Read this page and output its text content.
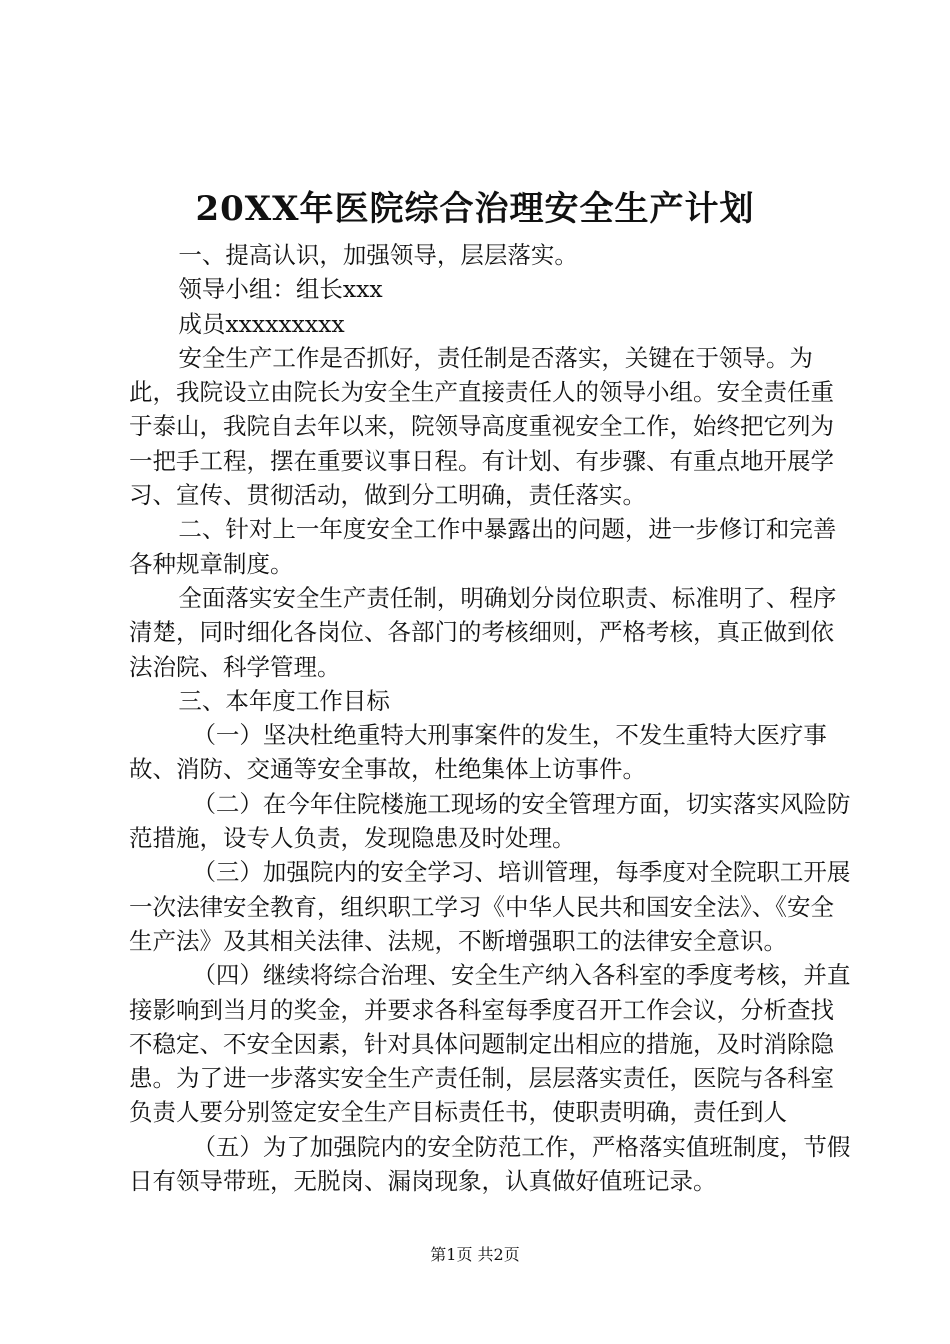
20XX年医院综合治理安全生产计划

一、提高认识，加强领导，层层落实。

领导小组：组长xxx

成员xxxxxxxxx

安全生产工作是否抓好，责任制是否落实，关键在于领导。为此，我院设立由院长为安全生产直接责任人的领导小组。安全责任重于泰山，我院自去年以来，院领导高度重视安全工作，始终把它列为一把手工程，摆在重要议事日程。有计划、有步骤、有重点地开展学习、宣传、贯彻活动，做到分工明确，责任落实。

二、针对上一年度安全工作中暴露出的问题，进一步修订和完善各种规章制度。

全面落实安全生产责任制，明确划分岗位职责、标准明了、程序清楚，同时细化各岗位、各部门的考核细则，严格考核，真正做到依法治院、科学管理。

三、本年度工作目标

（一）坚决杜绝重特大刑事案件的发生，不发生重特大医疗事故、消防、交通等安全事故，杜绝集体上访事件。

（二）在今年住院楼施工现场的安全管理方面，切实落实风险防范措施，设专人负责，发现隐患及时处理。

（三）加强院内的安全学习、培训管理，每季度对全院职工开展一次法律安全教育，组织职工学习《中华人民共和国安全法》、《安全生产法》及其相关法律、法规，不断增强职工的法律安全意识。

（四）继续将综合治理、安全生产纳入各科室的季度考核，并直接影响到当月的奖金，并要求各科室每季度召开工作会议，分析查找不稳定、不安全因素，针对具体问题制定出相应的措施，及时消除隐患。为了进一步落实安全生产责任制，层层落实责任，医院与各科室负责人要分别签定安全生产目标责任书，使职责明确，责任到人

（五）为了加强院内的安全防范工作，严格落实值班制度，节假日有领导带班，无脱岗、漏岗现象，认真做好值班记录。

第1页 共2页
